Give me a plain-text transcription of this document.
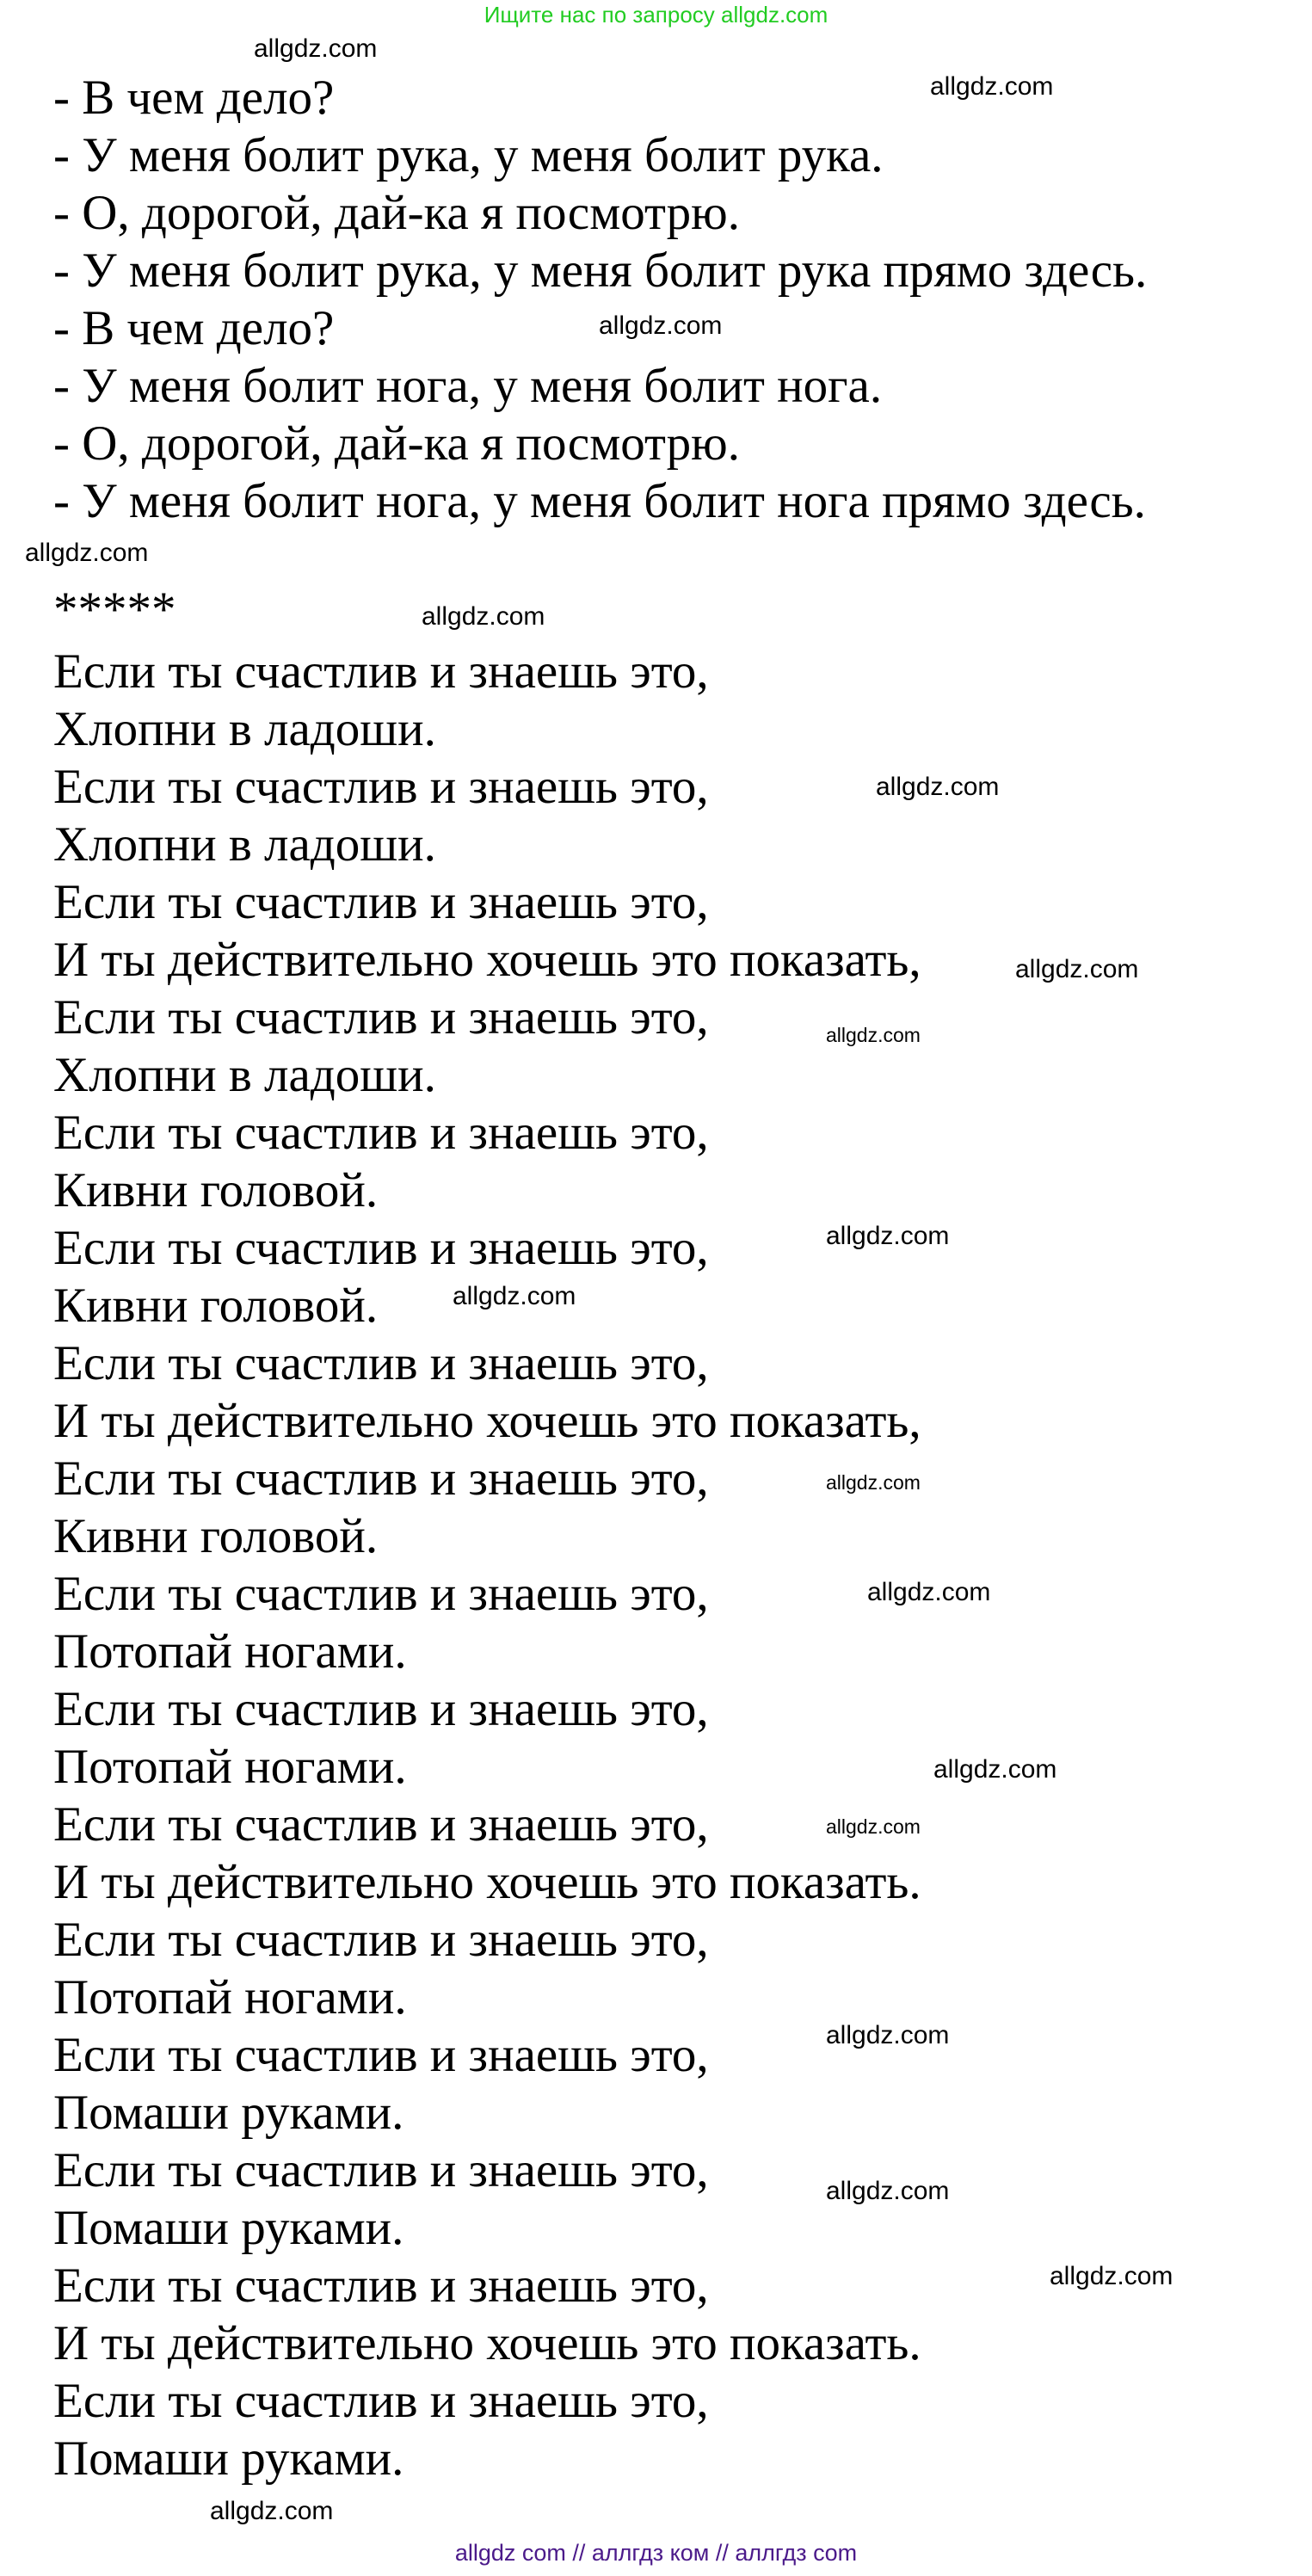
Ищите нас по запросу allgdz.com
- В чем дело?
- У меня болит рука, у меня болит рука.
- О, дорогой, дай-ка я посмотрю.
- У меня болит рука, у меня болит рука прямо здесь.
- В чем дело?
- У меня болит нога, у меня болит нога.
- О, дорогой, дай-ка я посмотрю.
- У меня болит нога, у меня болит нога прямо здесь.
*****
Если ты счастлив и знаешь это,
Хлопни в ладоши.
Если ты счастлив и знаешь это,
Хлопни в ладоши.
Если ты счастлив и знаешь это,
И ты действительно хочешь это показать,
Если ты счастлив и знаешь это,
Хлопни в ладоши.
Если ты счастлив и знаешь это,
Кивни головой.
Если ты счастлив и знаешь это,
Кивни головой.
Если ты счастлив и знаешь это,
И ты действительно хочешь это показать,
Если ты счастлив и знаешь это,
Кивни головой.
Если ты счастлив и знаешь это,
Потопай ногами.
Если ты счастлив и знаешь это,
Потопай ногами.
Если ты счастлив и знаешь это,
И ты действительно хочешь это показать.
Если ты счастлив и знаешь это,
Потопай ногами.
Если ты счастлив и знаешь это,
Помаши руками.
Если ты счастлив и знаешь это,
Помаши руками.
Если ты счастлив и знаешь это,
И ты действительно хочешь это показать.
Если ты счастлив и знаешь это,
Помаши руками.
allgdz.com
allgdz.com
allgdz.com
allgdz.com
allgdz.com
allgdz.com
allgdz.com
allgdz.com
allgdz.com
allgdz.com
allgdz.com
allgdz.com
allgdz.com
allgdz.com
allgdz.com
allgdz.com
allgdz.com
allgdz.com
allgdz com // аллгдз ком // аллгдз com
